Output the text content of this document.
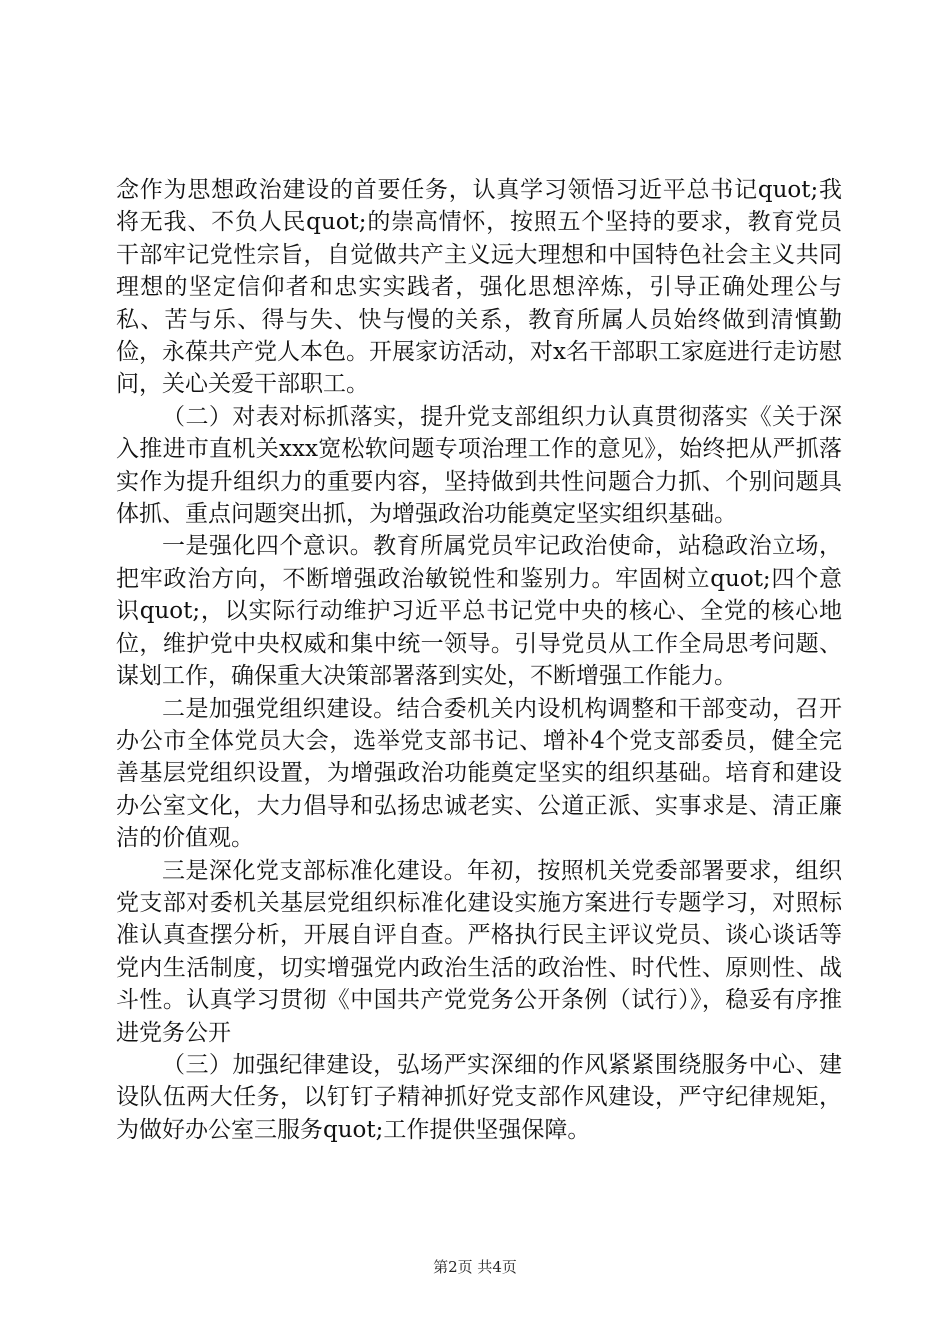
念作为思想政治建设的首要任务，认真学习领悟习近平总书记quot;我将无我、不负人民quot;的崇高情怀，按照五个坚持的要求，教育党员干部牢记党性宗旨，自觉做共产主义远大理想和中国特色社会主义共同理想的坚定信仰者和忠实实践者，强化思想淬炼，引导正确处理公与私、苦与乐、得与失、快与慢的关系，教育所属人员始终做到清慎勤俭，永葆共产党人本色。开展家访活动，对x名干部职工家庭进行走访慰问，关心关爱干部职工。

（二）对表对标抓落实，提升党支部组织力认真贯彻落实《关于深入推进市直机关xxx宽松软问题专项治理工作的意见》，始终把从严抓落实作为提升组织力的重要内容，坚持做到共性问题合力抓、个别问题具体抓、重点问题突出抓，为增强政治功能奠定坚实组织基础。

一是强化四个意识。教育所属党员牢记政治使命，站稳政治立场，把牢政治方向，不断增强政治敏锐性和鉴别力。牢固树立quot;四个意识quot;，以实际行动维护习近平总书记党中央的核心、全党的核心地位，维护党中央权威和集中统一领导。引导党员从工作全局思考问题、谋划工作，确保重大决策部署落到实处，不断增强工作能力。

二是加强党组织建设。结合委机关内设机构调整和干部变动，召开办公市全体党员大会，选举党支部书记、增补4个党支部委员，健全完善基层党组织设置，为增强政治功能奠定坚实的组织基础。培育和建设办公室文化，大力倡导和弘扬忠诚老实、公道正派、实事求是、清正廉洁的价值观。

三是深化党支部标准化建设。年初，按照机关党委部署要求，组织党支部对委机关基层党组织标准化建设实施方案进行专题学习，对照标准认真查摆分析，开展自评自查。严格执行民主评议党员、谈心谈话等党内生活制度，切实增强党内政治生活的政治性、时代性、原则性、战斗性。认真学习贯彻《中国共产党党务公开条例（试行）》，稳妥有序推进党务公开

（三）加强纪律建设，弘场严实深细的作风紧紧围绕服务中心、建设队伍两大任务，以钉钉子精神抓好党支部作风建设，严守纪律规矩，为做好办公室三服务quot;工作提供坚强保障。

第2页 共4页
